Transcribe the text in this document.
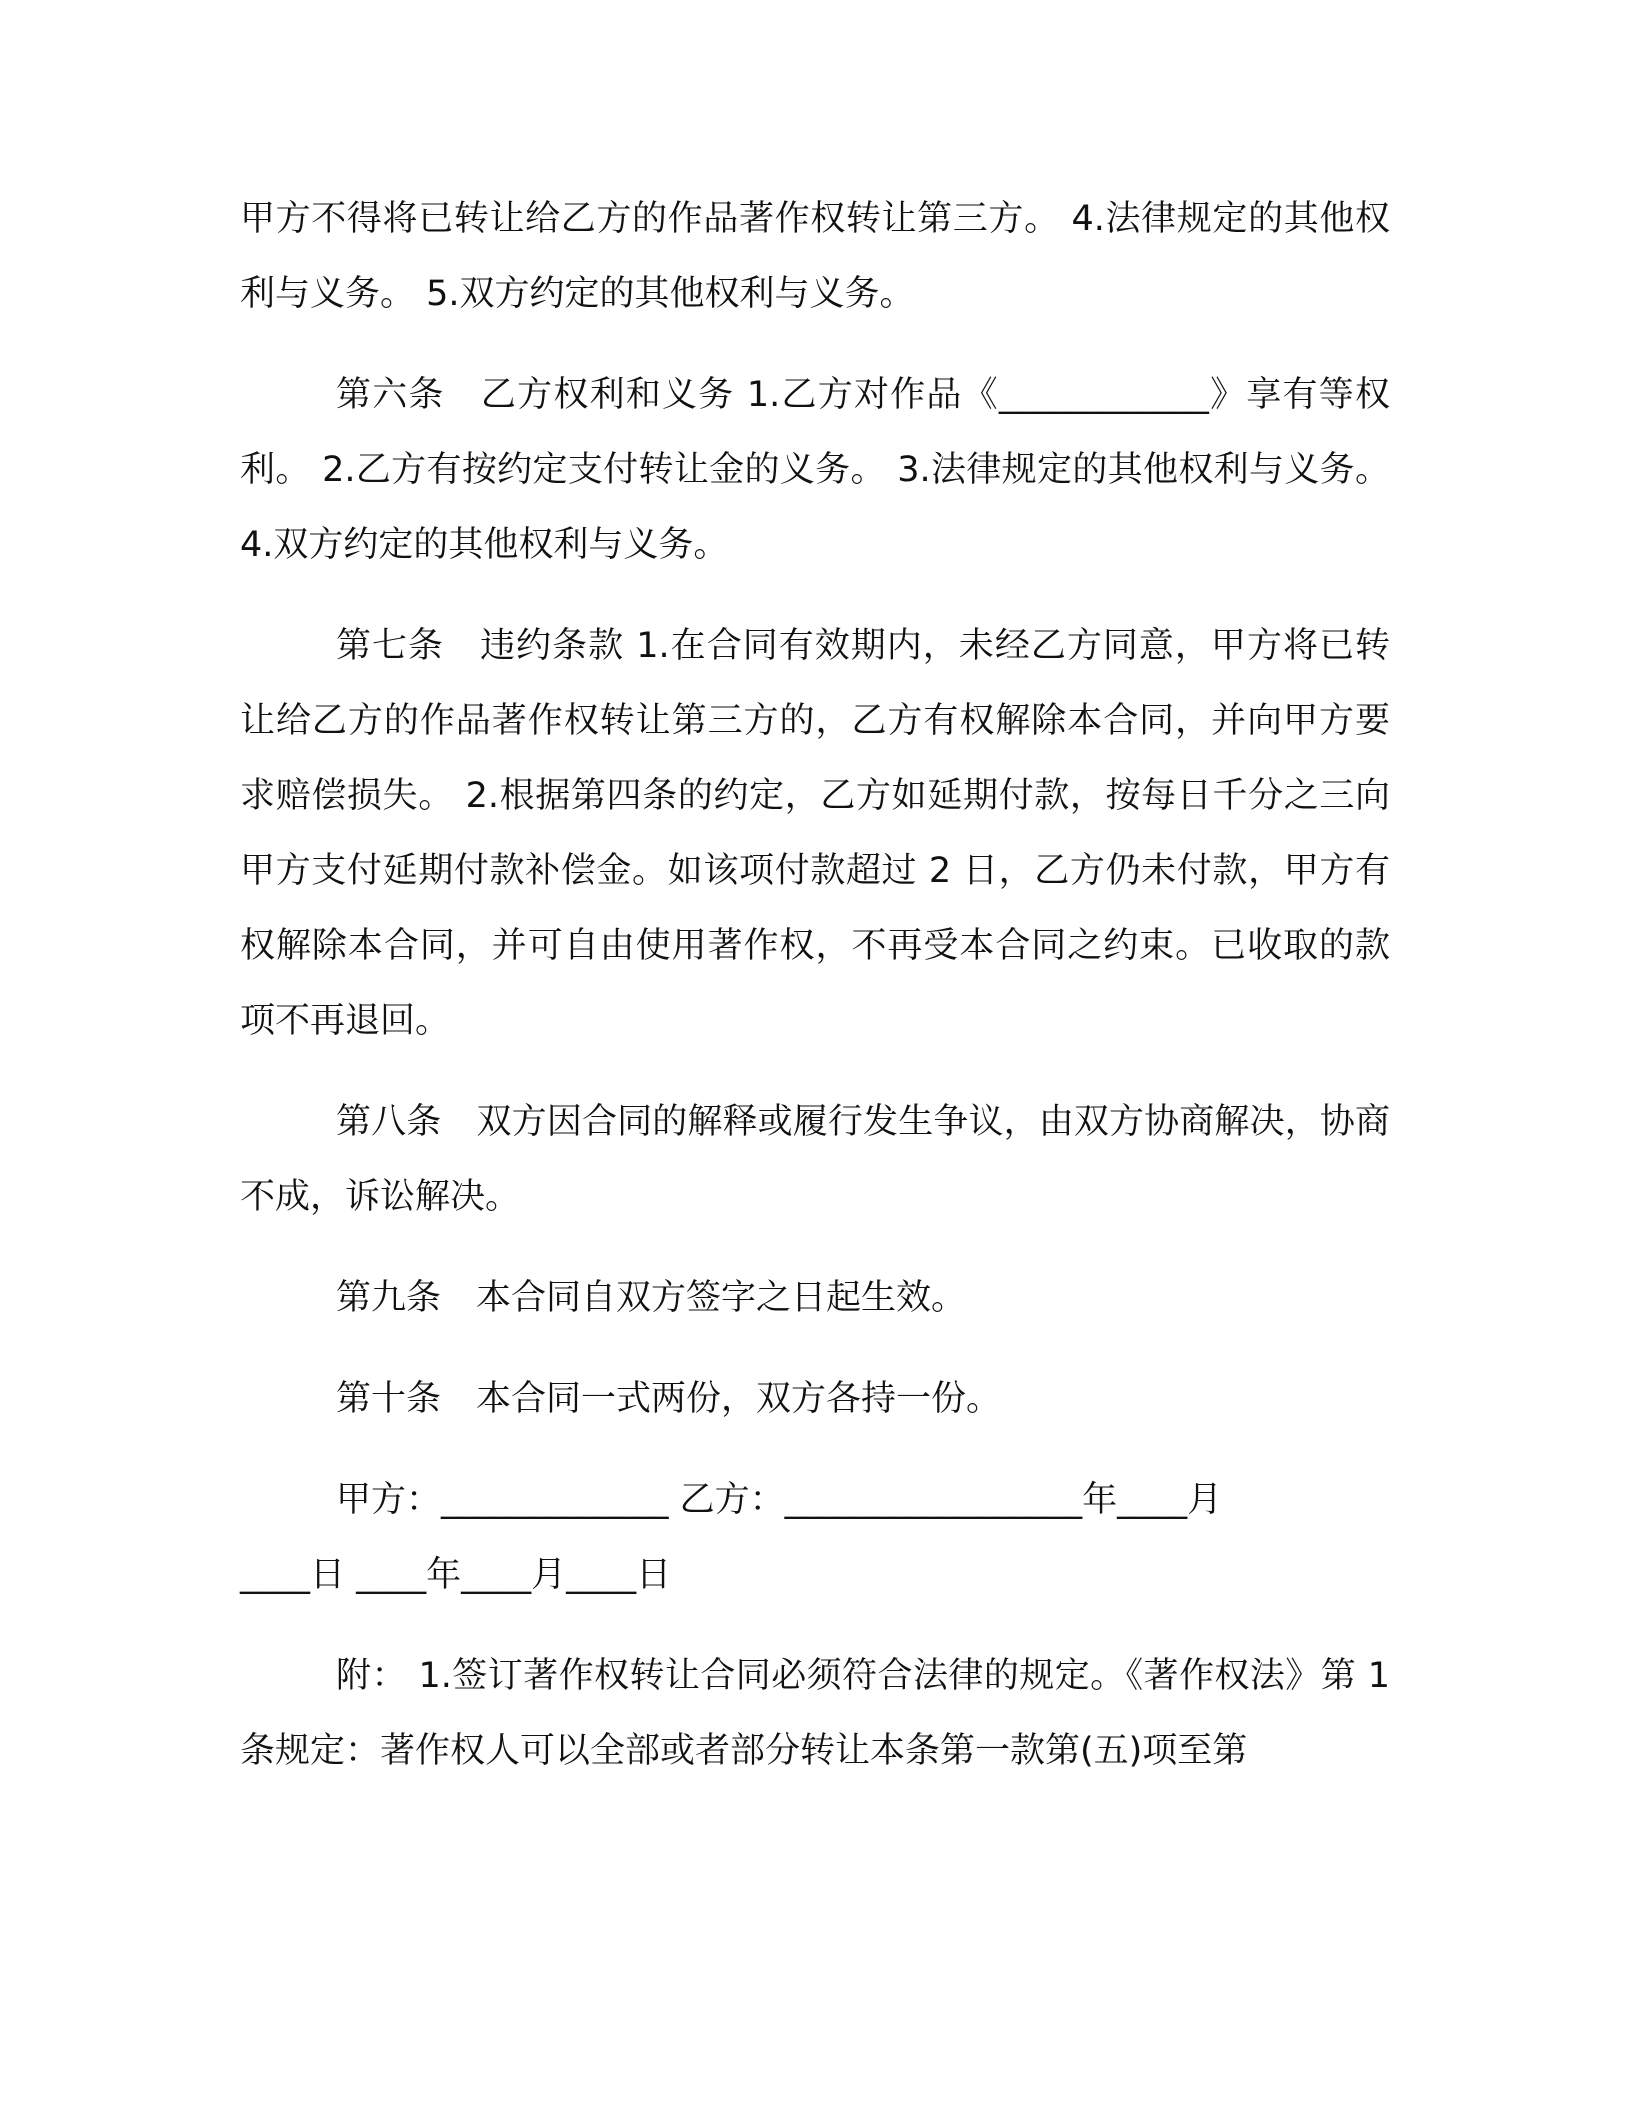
甲方不得将已转让给乙方的作品著作权转让第三方。 4.法律规定的其他权利与义务。 5.双方约定的其他权利与义务。

第六条　乙方权利和义务 1.乙方对作品《____________》享有等权利。 2.乙方有按约定支付转让金的义务。 3.法律规定的其他权利与义务。 4.双方约定的其他权利与义务。

第七条　违约条款 1.在合同有效期内，未经乙方同意，甲方将已转让给乙方的作品著作权转让第三方的，乙方有权解除本合同，并向甲方要求赔偿损失。 2.根据第四条的约定，乙方如延期付款，按每日千分之三向甲方支付延期付款补偿金。如该项付款超过 2 日，乙方仍未付款，甲方有权解除本合同，并可自由使用著作权，不再受本合同之约束。已收取的款项不再退回。

第八条　双方因合同的解释或履行发生争议，由双方协商解决，协商不成，诉讼解决。

第九条　本合同自双方签字之日起生效。

第十条　本合同一式两份，双方各持一份。

甲方：_____________ 乙方：_________________年____月
____日 ____年____月____日

附： 1.签订著作权转让合同必须符合法律的规定。《著作权法》第 1 条规定：著作权人可以全部或者部分转让本条第一款第(五)项至第
